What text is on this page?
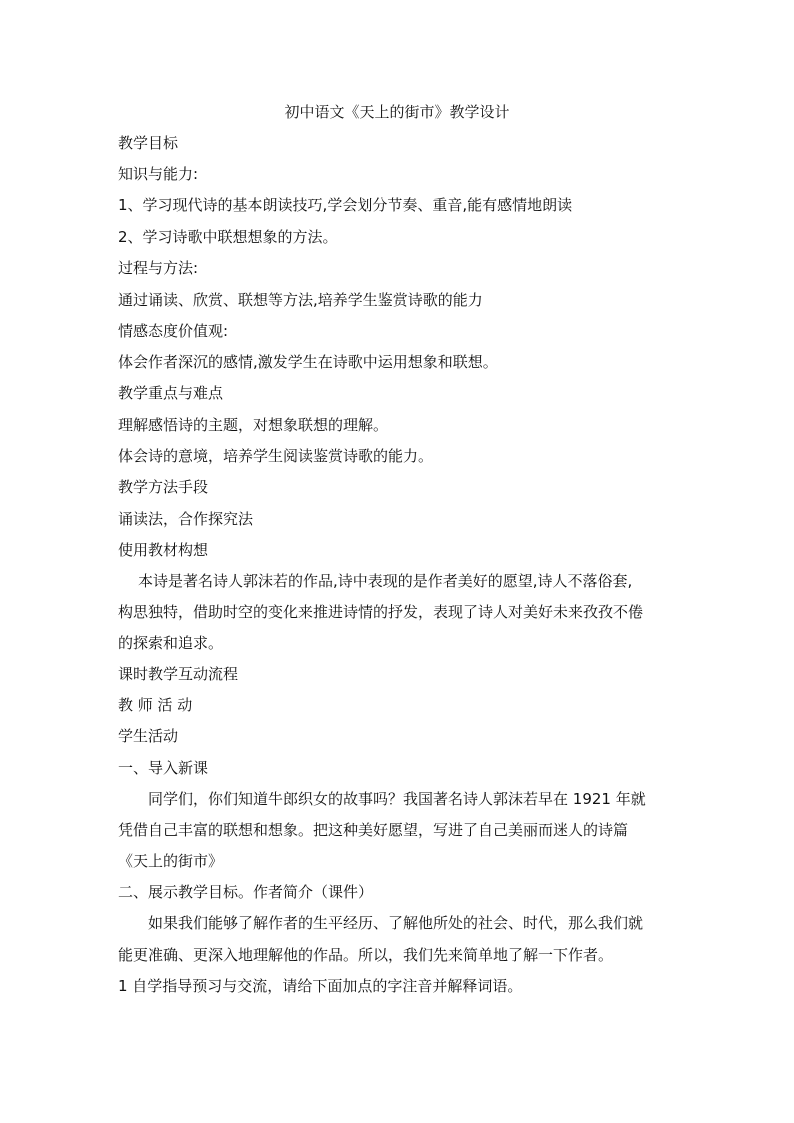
初中语文《天上的街市》教学设计
教学目标
知识与能力:
1、学习现代诗的基本朗读技巧,学会划分节奏、重音,能有感情地朗读
2、学习诗歌中联想想象的方法。
过程与方法:
通过诵读、欣赏、联想等方法,培养学生鉴赏诗歌的能力
情感态度价值观:
体会作者深沉的感情,激发学生在诗歌中运用想象和联想。
教学重点与难点
理解感悟诗的主题，对想象联想的理解。
体会诗的意境，培养学生阅读鉴赏诗歌的能力。
教学方法手段
诵读法，合作探究法
使用教材构想
本诗是著名诗人郭沫若的作品,诗中表现的是作者美好的愿望,诗人不落俗套,
构思独特，借助时空的变化来推进诗情的抒发，表现了诗人对美好未来孜孜不倦
的探索和追求。
课时教学互动流程
教 师 活 动
学生活动
一、导入新课
同学们，你们知道牛郎织女的故事吗？我国著名诗人郭沫若早在 1921 年就
凭借自己丰富的联想和想象。把这种美好愿望，写进了自己美丽而迷人的诗篇
《天上的街市》
二、展示教学目标。作者简介（课件）
如果我们能够了解作者的生平经历、了解他所处的社会、时代，那么我们就
能更准确、更深入地理解他的作品。所以，我们先来简单地了解一下作者。
1 自学指导预习与交流，请给下面加点的字注音并解释词语。
